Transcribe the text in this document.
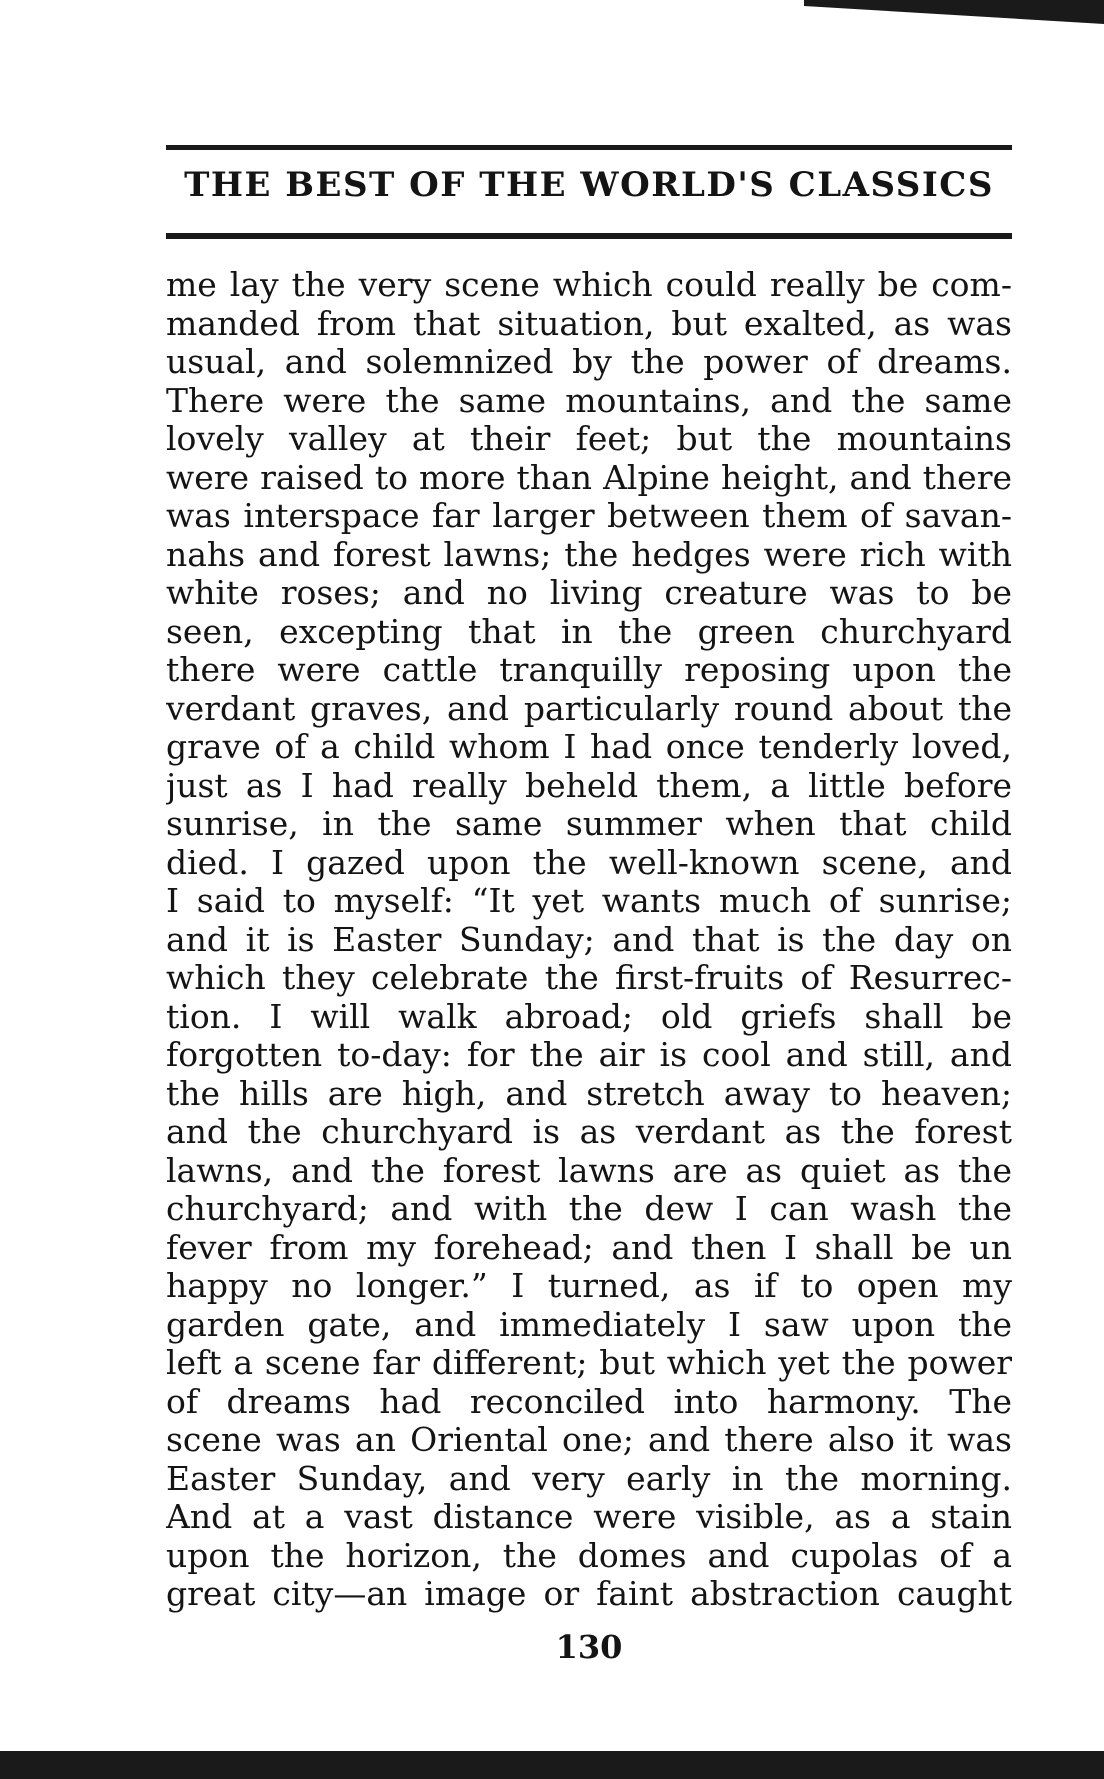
THE BEST OF THE WORLD'S CLASSICS
me lay the very scene which could really be com-
manded from that situation, but exalted, as was
usual, and solemnized by the power of dreams.
There were the same mountains, and the same
lovely valley at their feet; but the mountains
were raised to more than Alpine height, and there
was interspace far larger between them of savan-
nahs and forest lawns; the hedges were rich with
white roses; and no living creature was to be
seen, excepting that in the green churchyard
there were cattle tranquilly reposing upon the
verdant graves, and particularly round about the
grave of a child whom I had once tenderly loved,
just as I had really beheld them, a little before
sunrise, in the same summer when that child
died. I gazed upon the well-known scene, and
I said to myself: “It yet wants much of sunrise;
and it is Easter Sunday; and that is the day on
which they celebrate the first-fruits of Resurrec-
tion. I will walk abroad; old griefs shall be
forgotten to-day: for the air is cool and still, and
the hills are high, and stretch away to heaven;
and the churchyard is as verdant as the forest
lawns, and the forest lawns are as quiet as the
churchyard; and with the dew I can wash the
fever from my forehead; and then I shall be un
happy no longer.” I turned, as if to open my
garden gate, and immediately I saw upon the
left a scene far different; but which yet the power
of dreams had reconciled into harmony. The
scene was an Oriental one; and there also it was
Easter Sunday, and very early in the morning.
And at a vast distance were visible, as a stain
upon the horizon, the domes and cupolas of a
great city—an image or faint abstraction caught
130
